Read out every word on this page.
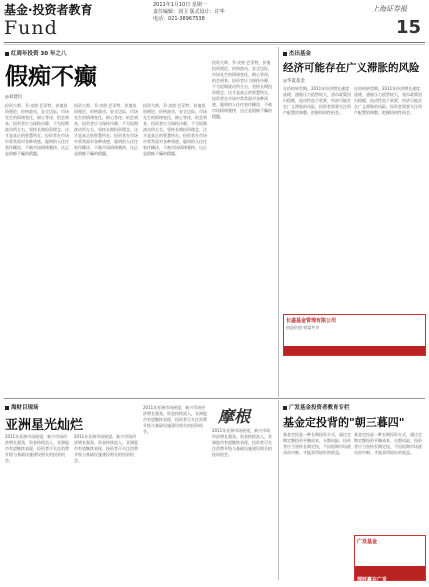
基金·投资者教育
Fund
2011年1月10日 星期一
责任编辑：刘卫 版式设计：许华
电话：021-38967538
上海证券报
15
红周年投资 30 年之八
假痴不癫
◎刘建位
投资大师，乔·皮欧·巴菲特，价值投资理论，价格波动，安全边际，市场先生的情绪变化，耐心等待，机会到来，投资者应当保持冷静，不为短期波动所左右，坚持长期投资理念，这才是真正的智慧所在。投资者在市场中常常面对各种诱惑，聪明的人往往装作糊涂，不被市场情绪裹挟，这正是假痴不癫的精髓。
投资大师，乔·皮欧·巴菲特，价值投资理论，价格波动，安全边际，市场先生的情绪变化，耐心等待，机会到来，投资者应当保持冷静，不为短期波动所左右，坚持长期投资理念，这才是真正的智慧所在。投资者在市场中常常面对各种诱惑，聪明的人往往装作糊涂，不被市场情绪裹挟，这正是假痴不癫的精髓。
投资大师，乔·皮欧·巴菲特，价值投资理论，价格波动，安全边际，市场先生的情绪变化，耐心等待，机会到来，投资者应当保持冷静，不为短期波动所左右，坚持长期投资理念，这才是真正的智慧所在。投资者在市场中常常面对各种诱惑，聪明的人往往装作糊涂，不被市场情绪裹挟，这正是假痴不癫的精髓。
投资大师，乔·皮欧·巴菲特，价值投资理论，价格波动，安全边际，市场先生的情绪变化，耐心等待，机会到来，投资者应当保持冷静，不为短期波动所左右，坚持长期投资理念，这才是真正的智慧所在。投资者在市场中常常面对各种诱惑，聪明的人往往装作糊涂，不被市场情绪裹挟，这正是假痴不癫的精髓。
杰出基金
经济可能存在广义滞胀的风险
◎华夏基金
在结构转型期，2011年经济增长速度放缓，通胀压力依然较大，货币政策回归稳健，流动性趋于收紧，经济可能存在广义滞胀的风险，投资者需要关注资产配置的调整，把握结构性机会。
在结构转型期，2011年经济增长速度放缓，通胀压力依然较大，货币政策回归稳健，流动性趋于收紧，经济可能存在广义滞胀的风险，投资者需要关注资产配置的调整，把握结构性机会。
长盛基金管理有限公司
创造价值 财富共享
长盛基金
海财目现场
亚洲星光灿烂
2011年亚洲市场展望，新兴市场经济增长强劲，资金持续流入，亚洲股市有望继续表现，投资者可关注消费升级与基础设施建设相关的投资机会。
2011年亚洲市场展望，新兴市场经济增长强劲，资金持续流入，亚洲股市有望继续表现，投资者可关注消费升级与基础设施建设相关的投资机会。
2011年亚洲市场展望，新兴市场经济增长强劲，资金持续流入，亚洲股市有望继续表现，投资者可关注消费升级与基础设施建设相关的投资机会。
摩根
2011年亚洲市场展望，新兴市场经济增长强劲，资金持续流入，亚洲股市有望继续表现，投资者可关注消费升级与基础设施建设相关的投资机会。
广发基金投资者教育专栏
基金定投背的"朝三暮四"
基金定投是一种长期投资方式，通过定期定额投资平摊成本，分散风险，投资者应当坚持长期定投，不因短期市场波动而中断，才能获得较好的收益。
基金定投是一种长期投资方式，通过定期定额投资平摊成本，分散风险，投资者应当坚持长期定投，不因短期市场波动而中断，才能获得较好的收益。
广发基金
理财赢在广发
